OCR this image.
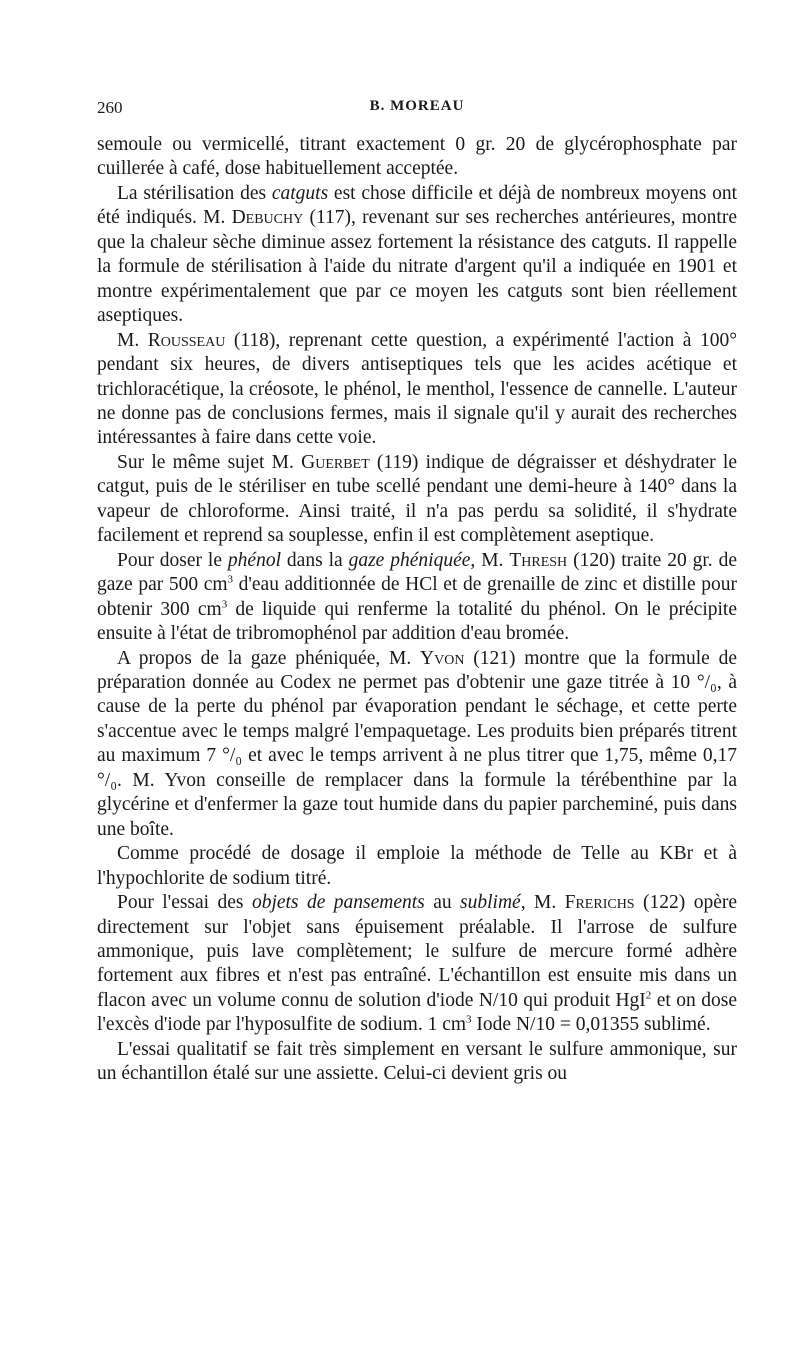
260	B. MOREAU

semoule ou vermicellé, titrant exactement 0 gr. 20 de glycérophosphate par cuillerée à café, dose habituellement acceptée.

La stérilisation des catguts est chose difficile et déjà de nombreux moyens ont été indiqués. M. Debuchy (117), revenant sur ses recherches antérieures, montre que la chaleur sèche diminue assez fortement la résistance des catguts. Il rappelle la formule de stérilisation à l'aide du nitrate d'argent qu'il a indiquée en 1901 et montre expérimentalement que par ce moyen les catguts sont bien réellement aseptiques.

M. Rousseau (118), reprenant cette question, a expérimenté l'action à 100° pendant six heures, de divers antiseptiques tels que les acides acétique et trichloracétique, la créosote, le phénol, le menthol, l'essence de cannelle. L'auteur ne donne pas de conclusions fermes, mais il signale qu'il y aurait des recherches intéressantes à faire dans cette voie.

Sur le même sujet M. Guerbet (119) indique de dégraisser et déshydrater le catgut, puis de le stériliser en tube scellé pendant une demi-heure à 140° dans la vapeur de chloroforme. Ainsi traité, il n'a pas perdu sa solidité, il s'hydrate facilement et reprend sa souplesse, enfin il est complètement aseptique.

Pour doser le phénol dans la gaze phéniquée, M. Thresh (120) traite 20 gr. de gaze par 500 $cm^3$ d'eau additionnée de HCl et de grenaille de zinc et distille pour obtenir 300 $cm^3$ de liquide qui renferme la totalité du phénol. On le précipite ensuite à l'état de tribromophénol par addition d'eau bromée.

A propos de la gaze phéniquée, M. Yvon (121) montre que la formule de préparation donnée au Codex ne permet pas d'obtenir une gaze titrée à 10 °/₀, à cause de la perte du phénol par évaporation pendant le séchage, et cette perte s'accentue avec le temps malgré l'empaquetage. Les produits bien préparés titrent au maximum 7 °/₀ et avec le temps arrivent à ne plus titrer que 1,75, même 0,17 °/₀. M. Yvon conseille de remplacer dans la formule la térébenthine par la glycérine et d'enfermer la gaze tout humide dans du papier parcheminé, puis dans une boîte.

Comme procédé de dosage il emploie la méthode de Telle au KBr et à l'hypochlorite de sodium titré.

Pour l'essai des objets de pansements au sublimé, M. Frerichs (122) opère directement sur l'objet sans épuisement préalable. Il l'arrose de sulfure ammonique, puis lave complètement; le sulfure de mercure formé adhère fortement aux fibres et n'est pas entraîné. L'échantillon est ensuite mis dans un flacon avec un volume connu de solution d'iode N/10 qui produit HgI$^2$ et on dose l'excès d'iode par l'hyposulfite de sodium. 1 $cm^3$ Iode N/10 = 0,01355 sublimé.

L'essai qualitatif se fait très simplement en versant le sulfure ammonique, sur un échantillon étalé sur une assiette. Celui-ci devient gris ou
